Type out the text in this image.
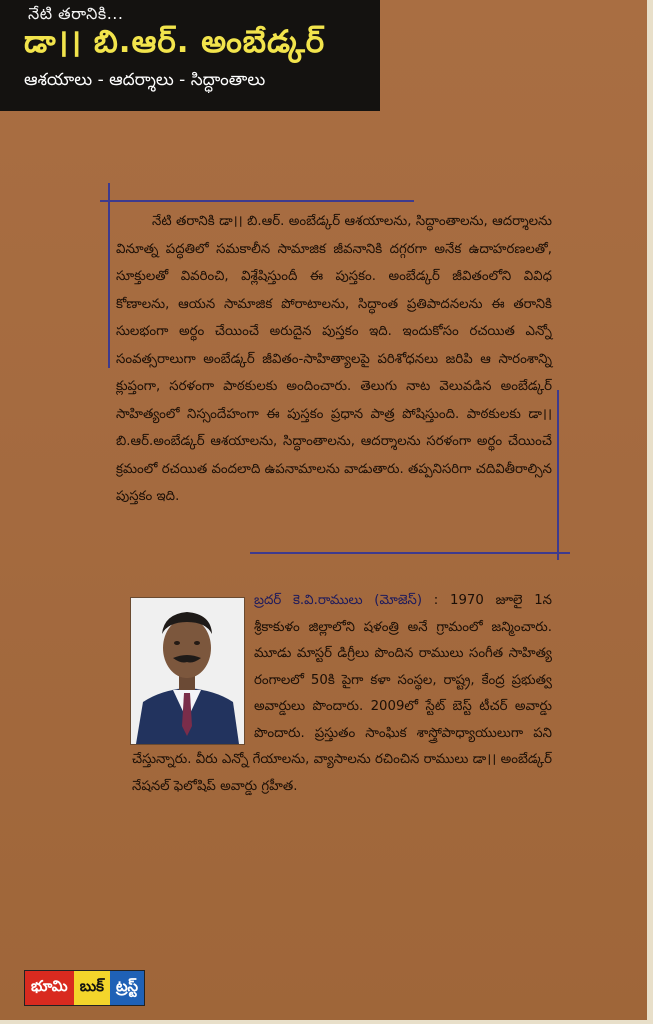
నేటి తరానికి...
డా।। బి.ఆర్. అంబేడ్కర్
ఆశయాలు - ఆదర్శాలు - సిద్ధాంతాలు

నేటి తరానికి డా।। బి.ఆర్. అంబేడ్కర్ ఆశయాలను, సిద్ధాంతాలను, ఆదర్శాలను వినూత్న పద్ధతిలో సమకాలీన సామాజిక జీవనానికి దగ్గరగా అనేక ఉదాహరణలతో, సూక్తులతో వివరించి, విశ్లేషిస్తుందీ ఈ పుస్తకం. అంబేడ్కర్ జీవితంలోని వివిధ కోణాలను, ఆయన సామాజిక పోరాటాలను, సిద్ధాంత ప్రతిపాదనలను ఈ తరానికి సులభంగా అర్థం చేయించే అరుదైన పుస్తకం ఇది. ఇందుకోసం రచయిత ఎన్నో సంవత్సరాలుగా అంబేడ్కర్ జీవితం-సాహిత్యాలపై పరిశోధనలు జరిపి ఆ సారంశాన్ని క్లుప్తంగా, సరళంగా పాఠకులకు అందించారు. తెలుగు నాట వెలువడిన అంబేడ్కర్ సాహిత్యంలో నిస్సందేహంగా ఈ పుస్తకం ప్రధాన పాత్ర పోషిస్తుంది. పాఠకులకు డా।।బి.ఆర్.అంబేడ్కర్ ఆశయాలను, సిద్ధాంతాలను, ఆదర్శాలను సరళంగా అర్థం చేయించే క్రమంలో రచయిత వందలాది ఉపనామాలను వాడుతారు. తప్పనిసరిగా చదివితీరాల్సిన పుస్తకం ఇది.

బ్రదర్ కె.వి.రాములు (మోజెస్) : 1970 జూలై 1న శ్రీకాకుళం జిల్లాలోని షళంత్రి అనే గ్రామంలో జన్మించారు. మూడు మాస్టర్ డిగ్రీలు పొందిన రాములు సంగీత సాహిత్య రంగాలలో 50కి పైగా కళా సంస్థల, రాష్ట్ర, కేంద్ర ప్రభుత్వ అవార్డులు పొందారు. 2009లో స్టేట్ బెస్ట్ టీచర్ అవార్డు పొందారు. ప్రస్తుతం సాంఘిక శాస్త్రోపాధ్యాయులుగా పని చేస్తున్నారు. వీరు ఎన్నో గేయాలను, వ్యాసాలను రచించిన రాములు డా।। అంబేడ్కర్ నేషనల్ ఫెలోషిప్ అవార్డు గ్రహీత.
భూమి బుక్ ట్రస్ట్
